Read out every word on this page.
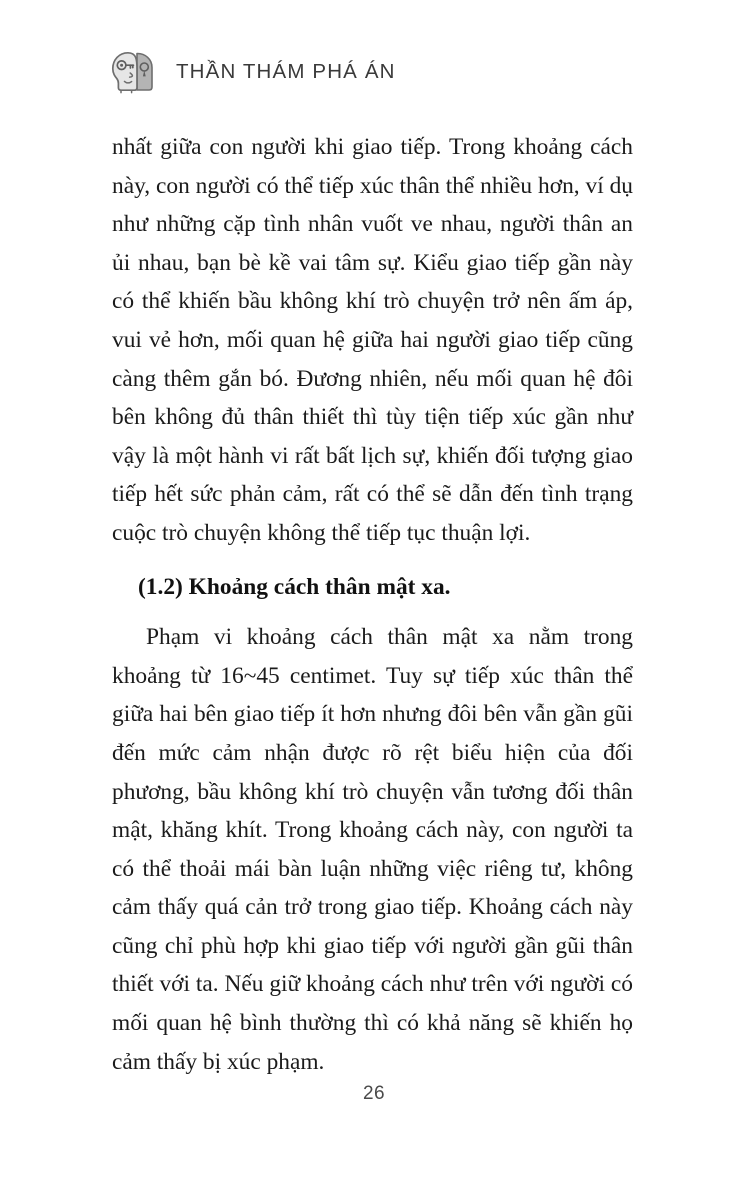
THẦN THÁM PHÁ ÁN

nhất giữa con người khi giao tiếp. Trong khoảng cách này, con người có thể tiếp xúc thân thể nhiều hơn, ví dụ như những cặp tình nhân vuốt ve nhau, người thân an ủi nhau, bạn bè kề vai tâm sự. Kiểu giao tiếp gần này có thể khiến bầu không khí trò chuyện trở nên ấm áp, vui vẻ hơn, mối quan hệ giữa hai người giao tiếp cũng càng thêm gắn bó. Đương nhiên, nếu mối quan hệ đôi bên không đủ thân thiết thì tùy tiện tiếp xúc gần như vậy là một hành vi rất bất lịch sự, khiến đối tượng giao tiếp hết sức phản cảm, rất có thể sẽ dẫn đến tình trạng cuộc trò chuyện không thể tiếp tục thuận lợi.

(1.2) Khoảng cách thân mật xa.

Phạm vi khoảng cách thân mật xa nằm trong khoảng từ 16~45 centimet. Tuy sự tiếp xúc thân thể giữa hai bên giao tiếp ít hơn nhưng đôi bên vẫn gần gũi đến mức cảm nhận được rõ rệt biểu hiện của đối phương, bầu không khí trò chuyện vẫn tương đối thân mật, khăng khít. Trong khoảng cách này, con người ta có thể thoải mái bàn luận những việc riêng tư, không cảm thấy quá cản trở trong giao tiếp. Khoảng cách này cũng chỉ phù hợp khi giao tiếp với người gần gũi thân thiết với ta. Nếu giữ khoảng cách như trên với người có mối quan hệ bình thường thì có khả năng sẽ khiến họ cảm thấy bị xúc phạm.

26
